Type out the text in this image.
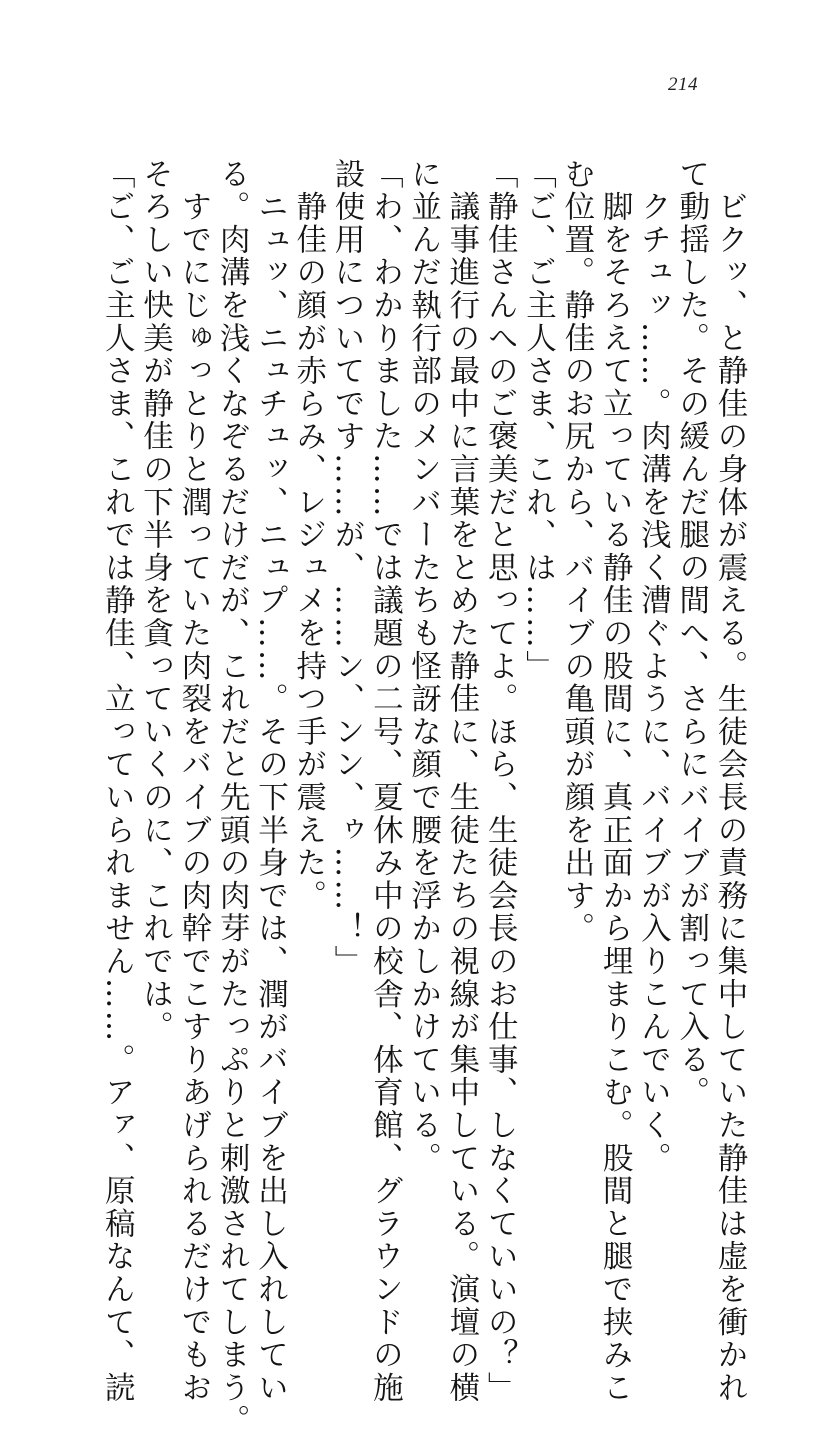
214

　ビクッ、と静佳の身体が震える。生徒会長の責務に集中していた静佳は虚を衝かれ

て動揺した。その緩んだ腿の間へ、さらにバイブが割って入る。

　クチュッ……。肉溝を浅く漕ぐように、バイブが入りこんでいく。

　脚をそろえて立っている静佳の股間に、真正面から埋まりこむ。股間と腿で挟みこ

む位置。静佳のお尻から、バイブの亀頭が顔を出す。

「ご、ご主人さま、これ、は……」

「静佳さんへのご褒美だと思ってよ。ほら、生徒会長のお仕事、しなくていいの？」

　議事進行の最中に言葉をとめた静佳に、生徒たちの視線が集中している。演壇の横

に並んだ執行部のメンバーたちも怪訝な顔で腰を浮かしかけている。

「わ、わかりました……では議題の二号、夏休み中の校舎、体育館、グラウンドの施

設使用についてです……が、……ン、ンン、ゥ……！」

　静佳の顔が赤らみ、レジュメを持つ手が震えた。

　ニュッ、ニュチュッ、ニュプ……。その下半身では、潤がバイブを出し入れしてい

る。肉溝を浅くなぞるだけだが、これだと先頭の肉芽がたっぷりと刺激されてしまう。

　すでにじゅっとりと潤っていた肉裂をバイブの肉幹でこすりあげられるだけでもお

そろしい快美が静佳の下半身を貪っていくのに、これでは。

「ご、ご主人さま、これでは静佳、立っていられません……。アァ、原稿なんて、読
